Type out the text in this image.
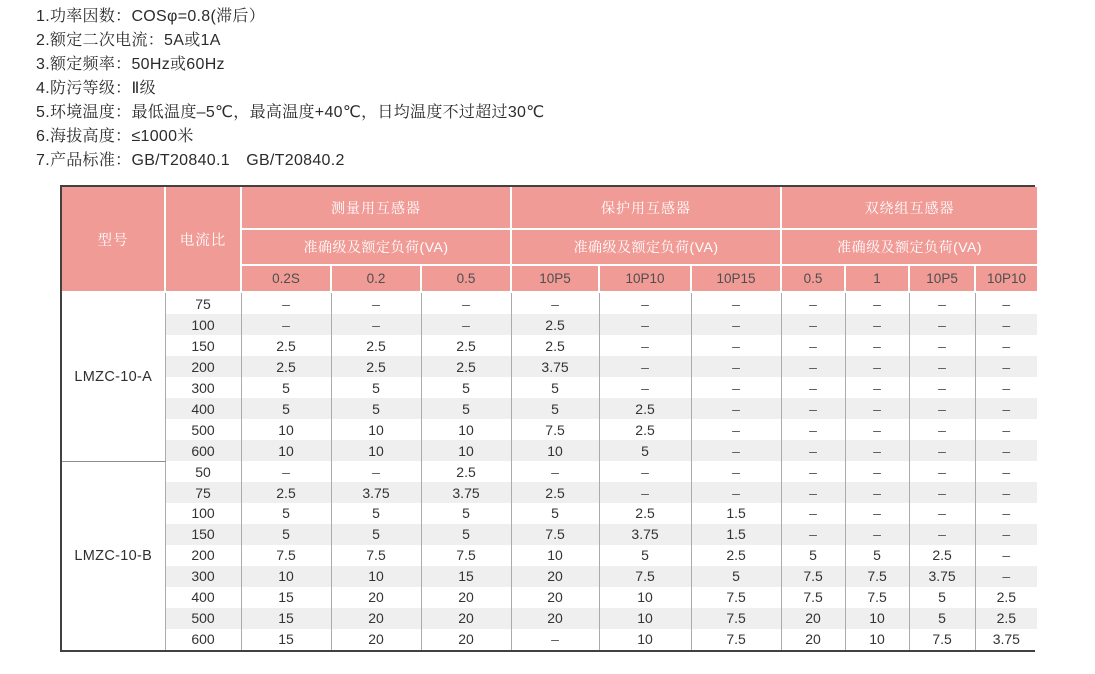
1.功率因数：COSφ=0.8(滞后）
2.额定二次电流：5A或1A
3.额定频率：50Hz或60Hz
4.防污等级：Ⅱ级
5.环境温度：最低温度–5℃，最高温度+40℃，日均温度不过超过30℃
6.海拔高度：≤1000米
7.产品标准：GB/T20840.1　GB/T20840.2
型号	电流比	测量用互感器			保护用互感器			双绕组互感器			
		准确级及额定负荷(VA)			准确级及额定负荷(VA)			准确级及额定负荷(VA)			
		0.2S	0.2	0.5	10P5	10P10	10P15	0.5	1	10P5	10P10
LMZC-10-A	75	–	–	–	–	–	–	–	–	–	–
	100	–	–	–	2.5	–	–	–	–	–	–
	150	2.5	2.5	2.5	2.5	–	–	–	–	–	–
	200	2.5	2.5	2.5	3.75	–	–	–	–	–	–
	300	5	5	5	5	–	–	–	–	–	–
	400	5	5	5	5	2.5	–	–	–	–	–
	500	10	10	10	7.5	2.5	–	–	–	–	–
	600	10	10	10	10	5	–	–	–	–	–
LMZC-10-B	50	–	–	2.5	–	–	–	–	–	–	–
	75	2.5	3.75	3.75	2.5	–	–	–	–	–	–
	100	5	5	5	5	2.5	1.5	–	–	–	–
	150	5	5	5	7.5	3.75	1.5	–	–	–	–
	200	7.5	7.5	7.5	10	5	2.5	5	5	2.5	–
	300	10	10	15	20	7.5	5	7.5	7.5	3.75	–
	400	15	20	20	20	10	7.5	7.5	7.5	5	2.5
	500	15	20	20	20	10	7.5	20	10	5	2.5
	600	15	20	20	–	10	7.5	20	10	7.5	3.75
